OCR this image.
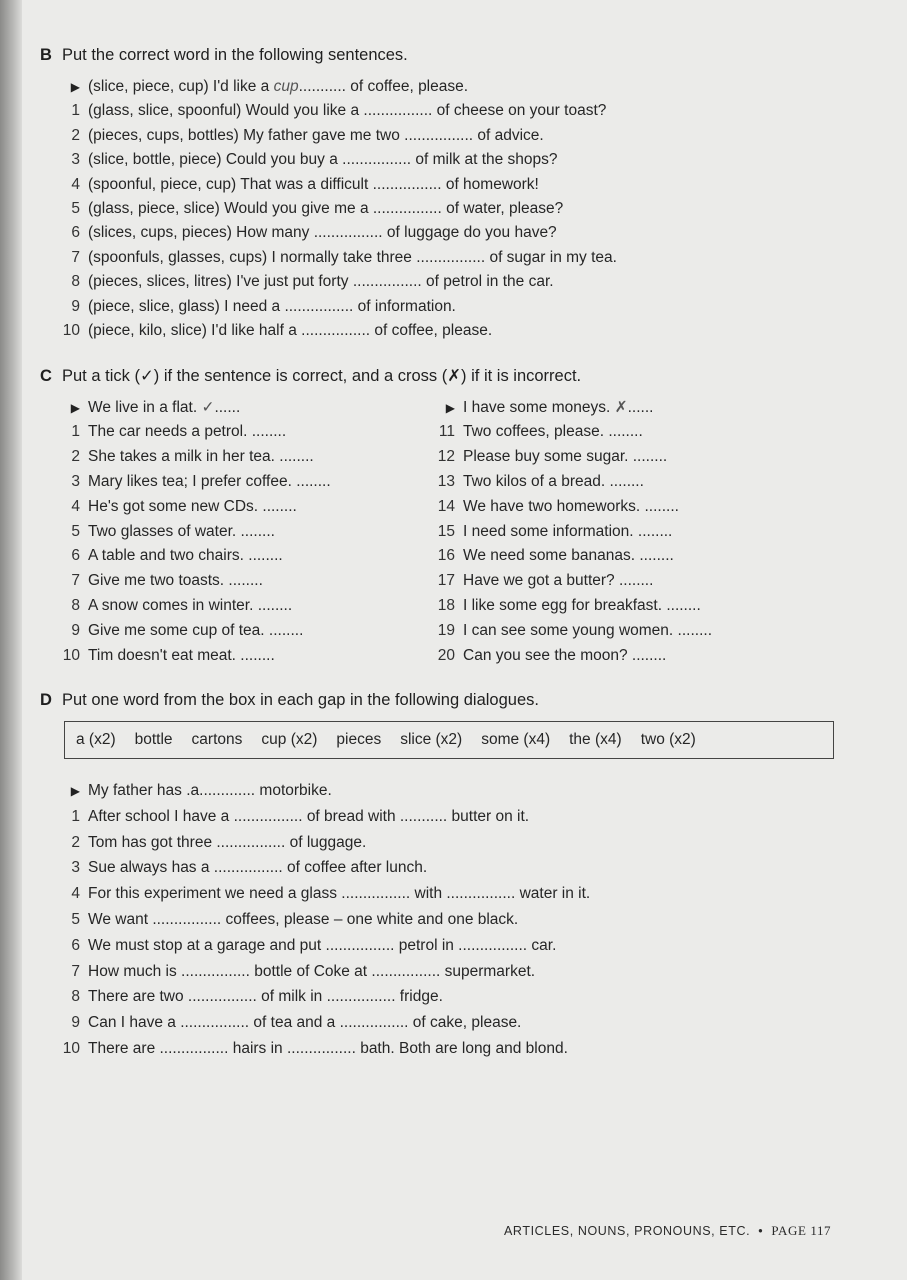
B Put the correct word in the following sentences.
▶ (slice, piece, cup) I'd like a cup........... of coffee, please.
1 (glass, slice, spoonful) Would you like a ................ of cheese on your toast?
2 (pieces, cups, bottles) My father gave me two ................ of advice.
3 (slice, bottle, piece) Could you buy a ................ of milk at the shops?
4 (spoonful, piece, cup) That was a difficult ................ of homework!
5 (glass, piece, slice) Would you give me a ................ of water, please?
6 (slices, cups, pieces) How many ................ of luggage do you have?
7 (spoonfuls, glasses, cups) I normally take three ................ of sugar in my tea.
8 (pieces, slices, litres) I've just put forty ................ of petrol in the car.
9 (piece, slice, glass) I need a ................ of information.
10 (piece, kilo, slice) I'd like half a ................ of coffee, please.
C Put a tick (✓) if the sentence is correct, and a cross (✗) if it is incorrect.
▶ We live in a flat. ✓......
1 The car needs a petrol. ........
2 She takes a milk in her tea. ........
3 Mary likes tea; I prefer coffee. ........
4 He's got some new CDs. ........
5 Two glasses of water. ........
6 A table and two chairs. ........
7 Give me two toasts. ........
8 A snow comes in winter. ........
9 Give me some cup of tea. ........
10 Tim doesn't eat meat. ........
▶ I have some moneys. ✗......
11 Two coffees, please. ........
12 Please buy some sugar. ........
13 Two kilos of a bread. ........
14 We have two homeworks. ........
15 I need some information. ........
16 We need some bananas. ........
17 Have we got a butter? ........
18 I like some egg for breakfast. ........
19 I can see some young women. ........
20 Can you see the moon? ........
D Put one word from the box in each gap in the following dialogues.
a (x2) bottle cartons cup (x2) pieces slice (x2) some (x4) the (x4) two (x2)
▶ My father has .a............. motorbike.
1 After school I have a ................ of bread with ........... butter on it.
2 Tom has got three ................ of luggage.
3 Sue always has a ................ of coffee after lunch.
4 For this experiment we need a glass ................ with ................ water in it.
5 We want ................ coffees, please – one white and one black.
6 We must stop at a garage and put ................ petrol in ................ car.
7 How much is ................ bottle of Coke at ................ supermarket.
8 There are two ................ of milk in ................ fridge.
9 Can I have a ................ of tea and a ................ of cake, please.
10 There are ................ hairs in ................ bath. Both are long and blond.
ARTICLES, NOUNS, PRONOUNS, ETC. • PAGE 117
